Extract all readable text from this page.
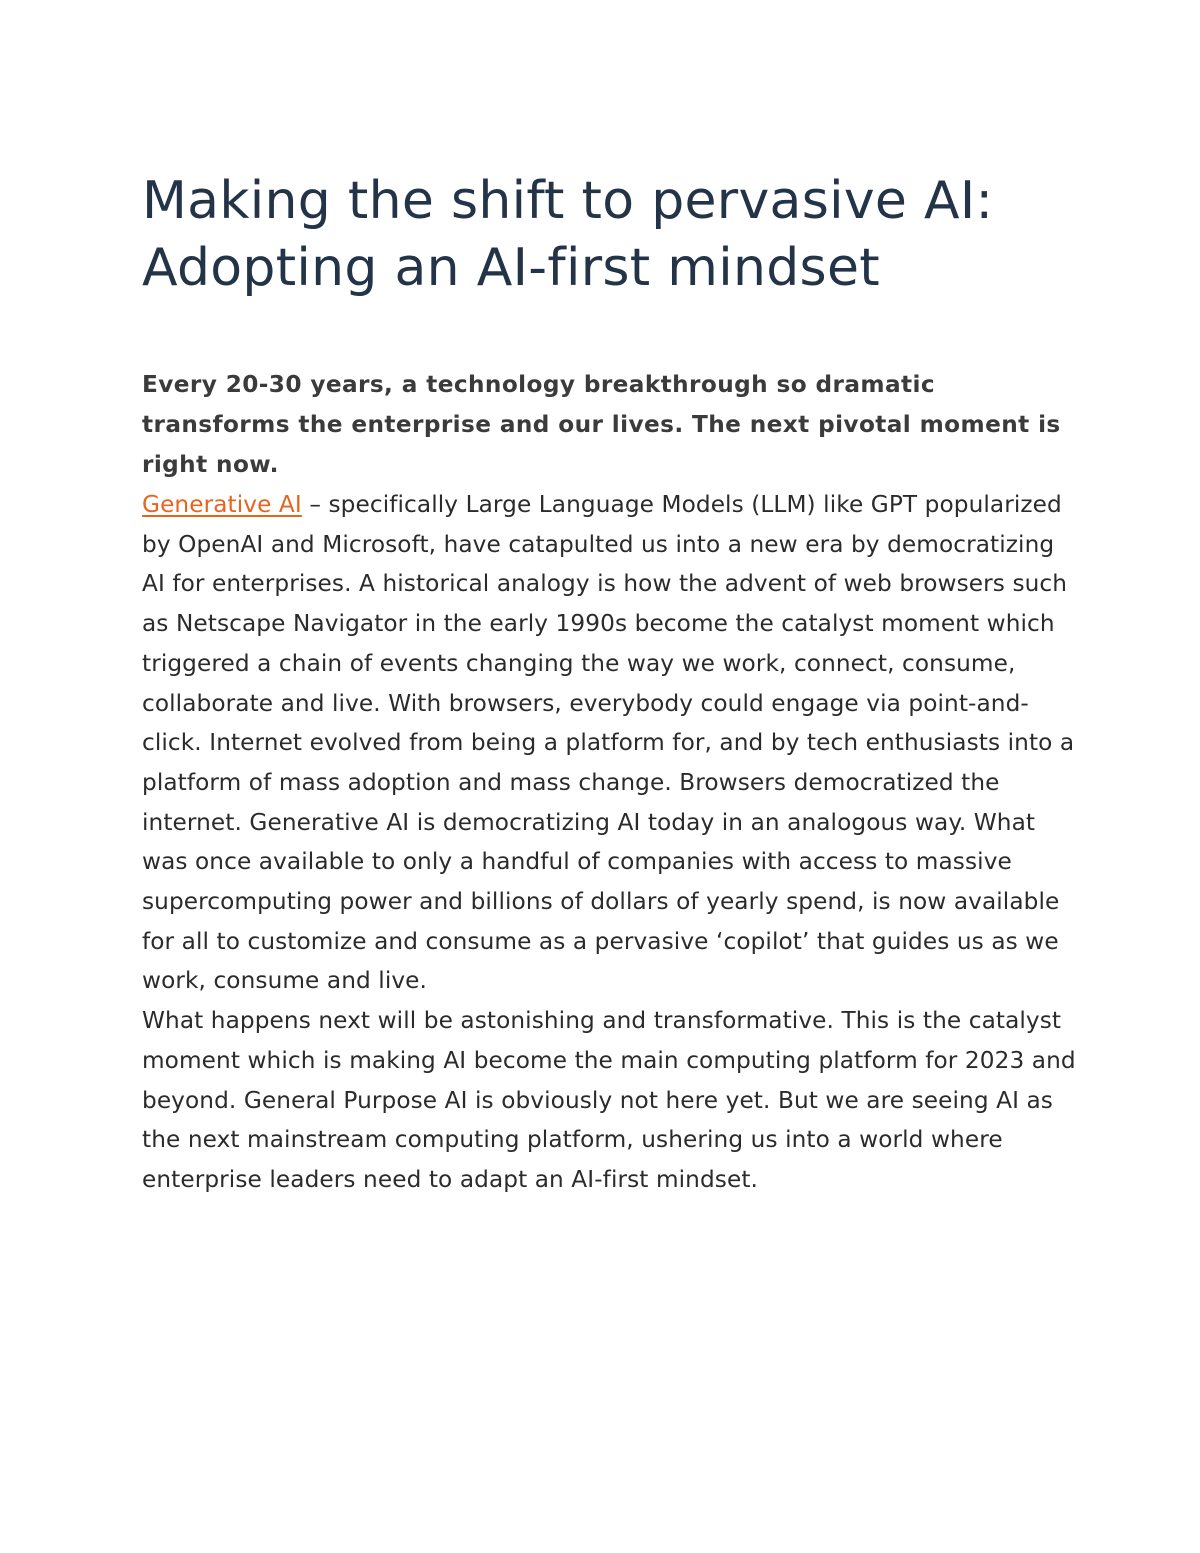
Making the shift to pervasive AI:
Adopting an AI-first mindset

Every 20-30 years, a technology breakthrough so dramatic transforms the enterprise and our lives. The next pivotal moment is right now.

Generative AI – specifically Large Language Models (LLM) like GPT popularized by OpenAI and Microsoft, have catapulted us into a new era by democratizing AI for enterprises. A historical analogy is how the advent of web browsers such as Netscape Navigator in the early 1990s become the catalyst moment which triggered a chain of events changing the way we work, connect, consume, collaborate and live. With browsers, everybody could engage via point-and-click. Internet evolved from being a platform for, and by tech enthusiasts into a platform of mass adoption and mass change. Browsers democratized the internet. Generative AI is democratizing AI today in an analogous way. What was once available to only a handful of companies with access to massive supercomputing power and billions of dollars of yearly spend, is now available for all to customize and consume as a pervasive ‘copilot’ that guides us as we work, consume and live.

What happens next will be astonishing and transformative. This is the catalyst moment which is making AI become the main computing platform for 2023 and beyond. General Purpose AI is obviously not here yet. But we are seeing AI as the next mainstream computing platform, ushering us into a world where enterprise leaders need to adapt an AI-first mindset.
